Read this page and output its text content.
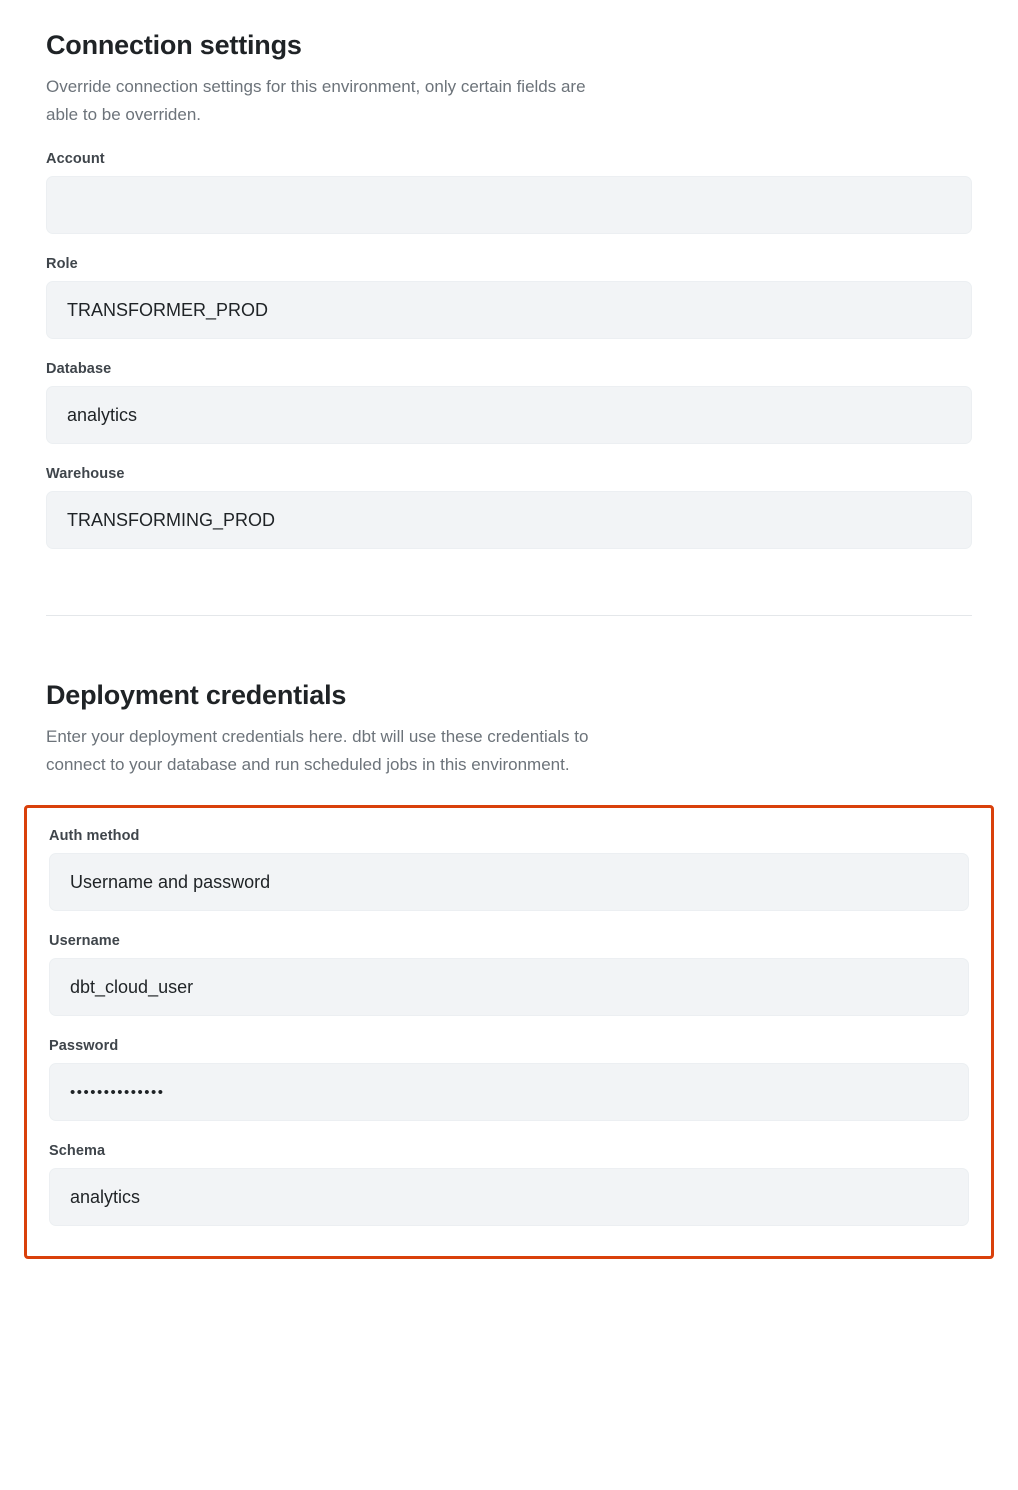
Connection settings

Override connection settings for this environment, only certain fields are able to be overriden.

Account
Role
TRANSFORMER_PROD
Database
analytics
Warehouse
TRANSFORMING_PROD
Deployment credentials

Enter your deployment credentials here. dbt will use these credentials to connect to your database and run scheduled jobs in this environment.

Auth method
Username and password
Username
dbt_cloud_user
Password
••••••••••••••
Schema
analytics
